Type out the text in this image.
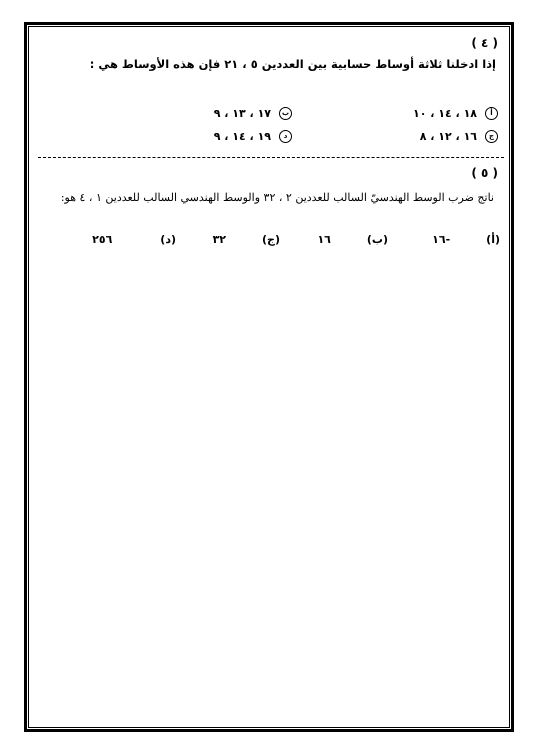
( ٤ )
إذا ادخلنا ثلاثة أوساط حسابية بين العددين ٥ ، ٢١ فإن هذه الأوساط هي :
أ
١٨ ، ١٤ ، ١٠
ب
١٧ ، ١٣ ، ٩
ج
١٦ ، ١٢ ، ٨
د
١٩ ، ١٤ ، ٩
( ٥ )
ناتج ضرب الوسط الهندسيّ السالب للعددين ٢ ، ٣٢ والوسط الهندسي السالب للعددين ١ ، ٤ هو:
(أ)
-١٦
(ب)
١٦
(ج)
٣٢
(د)
٢٥٦
